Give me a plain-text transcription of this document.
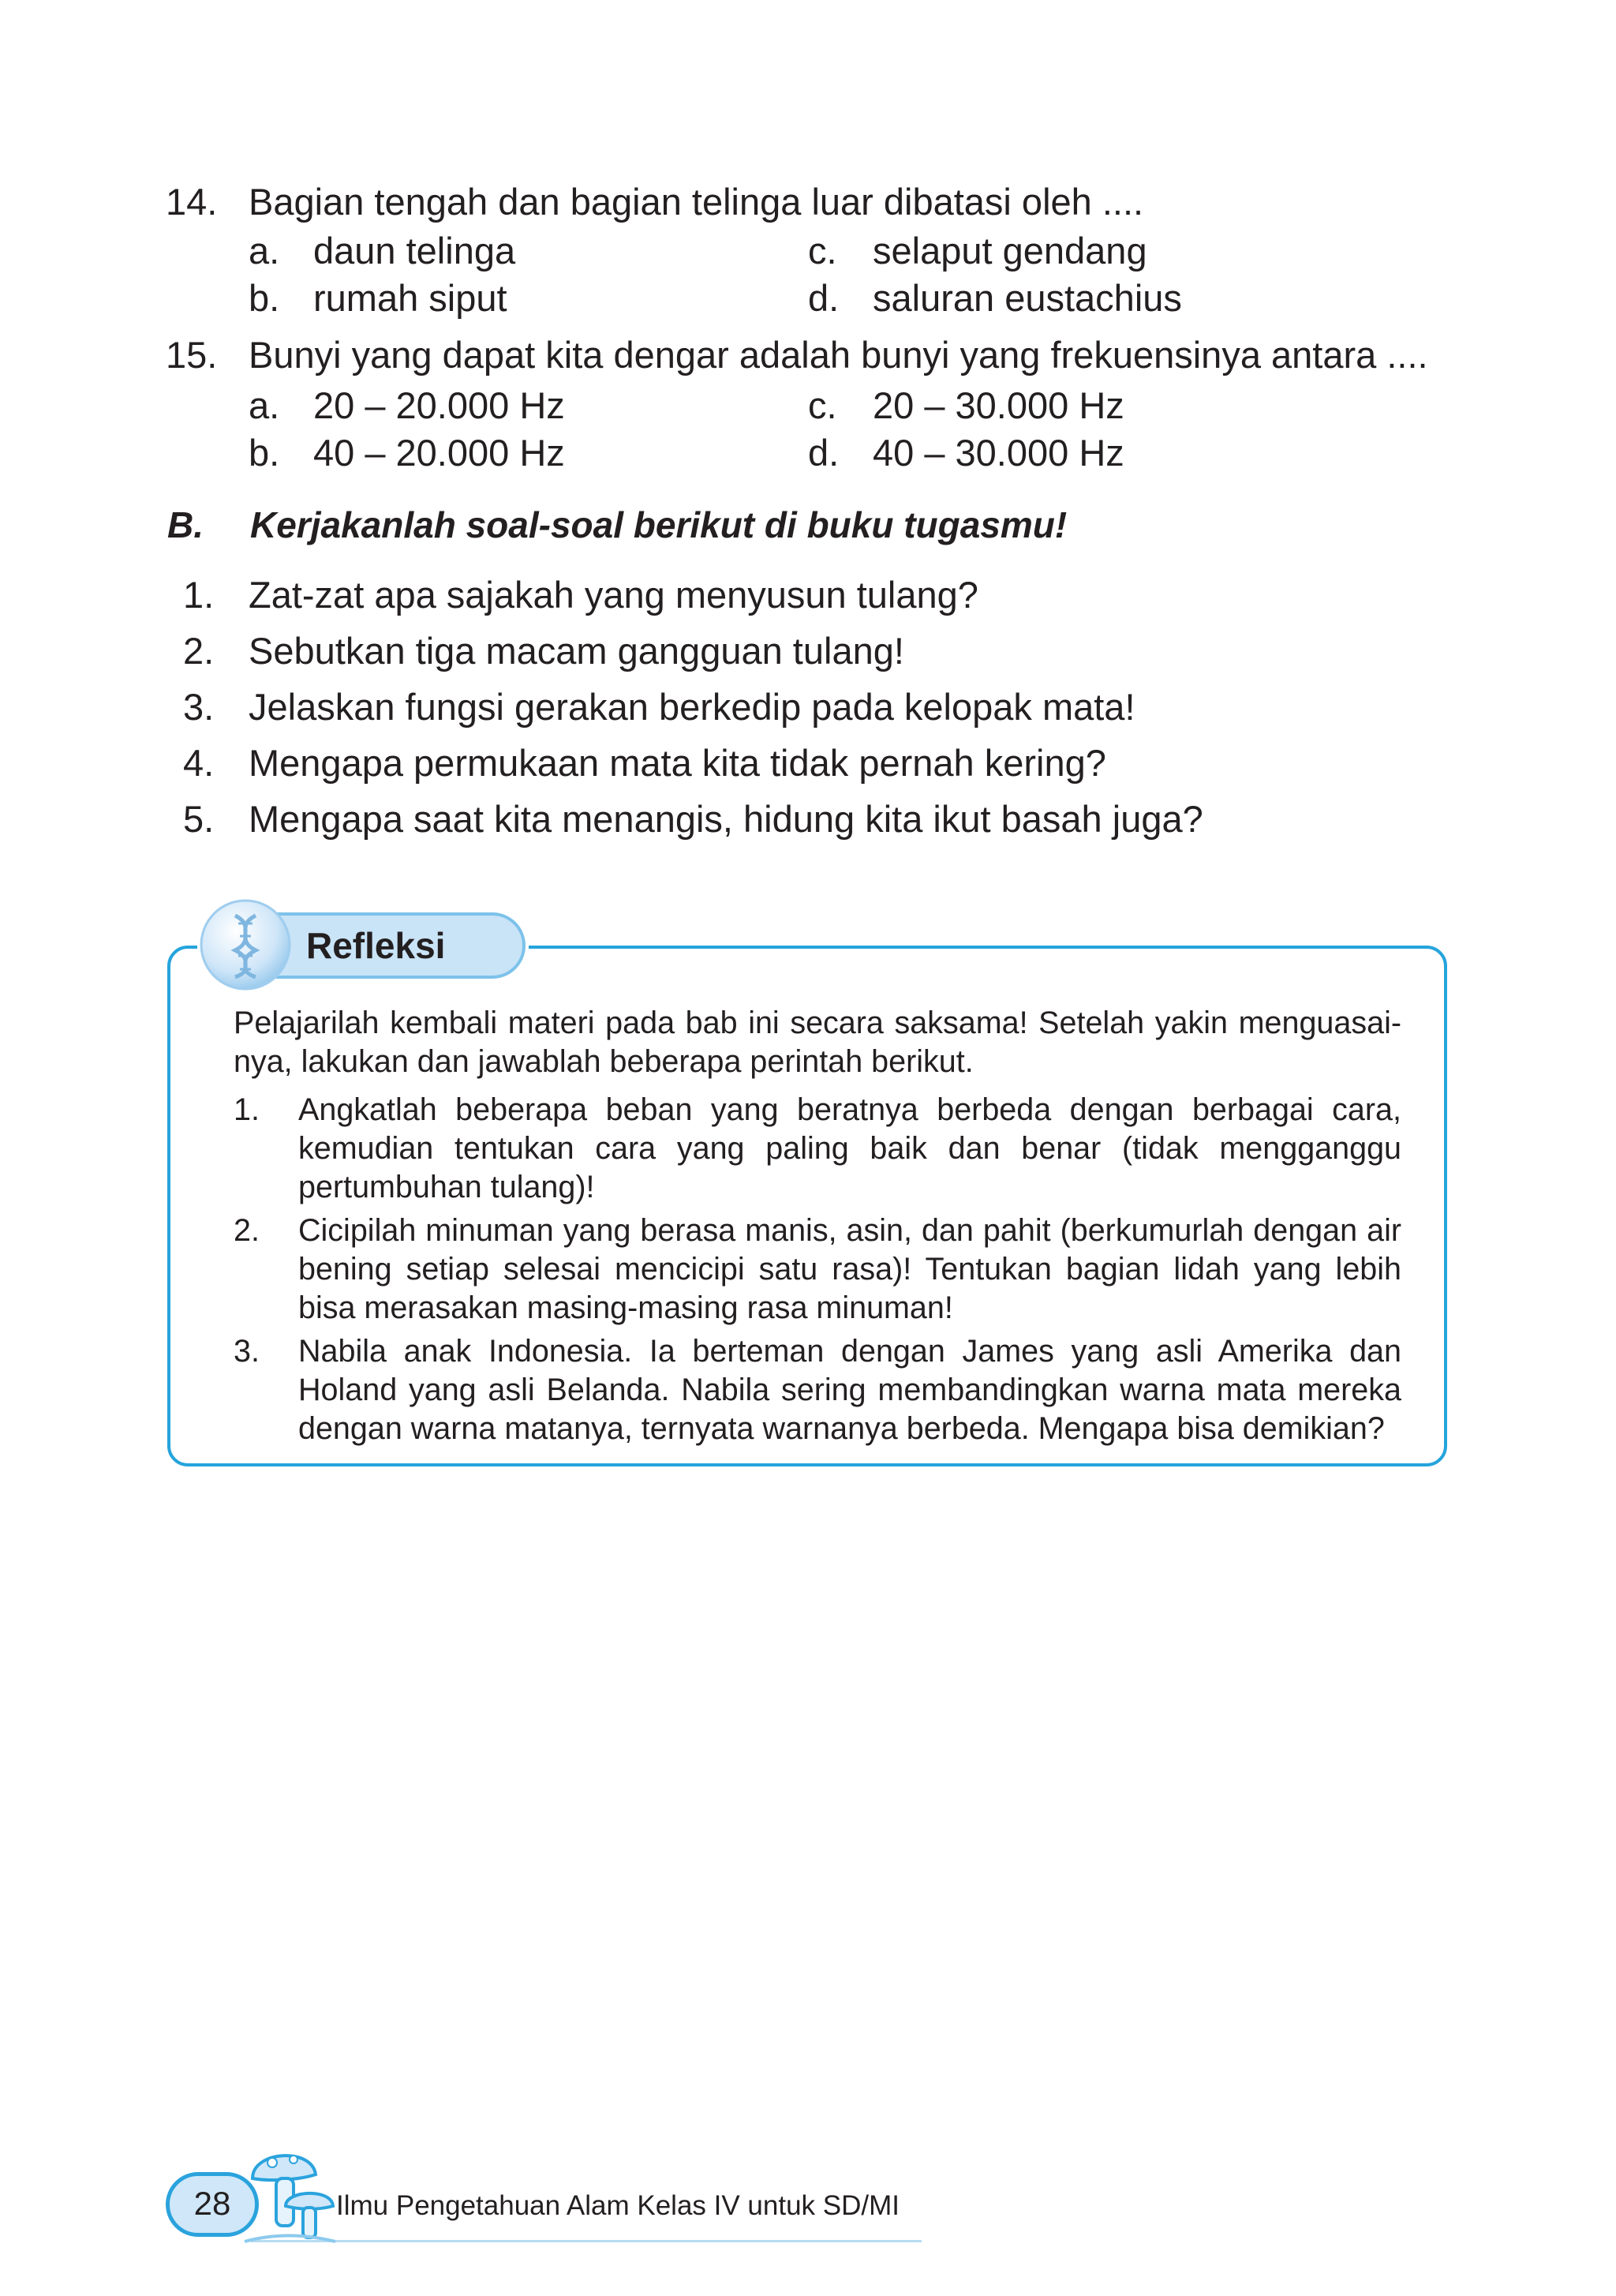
14. Bagian tengah dan bagian telinga luar dibatasi oleh ....
a. daun telinga
b. rumah siput
c. selaput gendang
d. saluran eustachius
15. Bunyi yang dapat kita dengar adalah bunyi yang frekuensinya antara ....
a. 20 – 20.000 Hz
b. 40 – 20.000 Hz
c. 20 – 30.000 Hz
d. 40 – 30.000 Hz
B. Kerjakanlah soal-soal berikut di buku tugasmu!
1. Zat-zat apa sajakah yang menyusun tulang?
2. Sebutkan tiga macam gangguan tulang!
3. Jelaskan fungsi gerakan berkedip pada kelopak mata!
4. Mengapa permukaan mata kita tidak pernah kering?
5. Mengapa saat kita menangis, hidung kita ikut basah juga?
Refleksi
Pelajarilah kembali materi pada bab ini secara saksama! Setelah yakin menguasai-nya, lakukan dan jawablah beberapa perintah berikut.
1.	Angkatlah beberapa beban yang beratnya berbeda dengan berbagai cara, kemudian tentukan cara yang paling baik dan benar (tidak mengganggu pertumbuhan tulang)!
2.	Cicipilah minuman yang berasa manis, asin, dan pahit (berkumurlah dengan air bening setiap selesai mencicipi satu rasa)! Tentukan bagian lidah yang lebih bisa merasakan masing-masing rasa minuman!
3.	Nabila anak Indonesia. Ia berteman dengan James yang asli Amerika dan Holand yang asli Belanda. Nabila sering membandingkan warna mata mereka dengan warna matanya, ternyata warnanya berbeda. Mengapa bisa demikian?
28	Ilmu Pengetahuan Alam Kelas IV untuk SD/MI
